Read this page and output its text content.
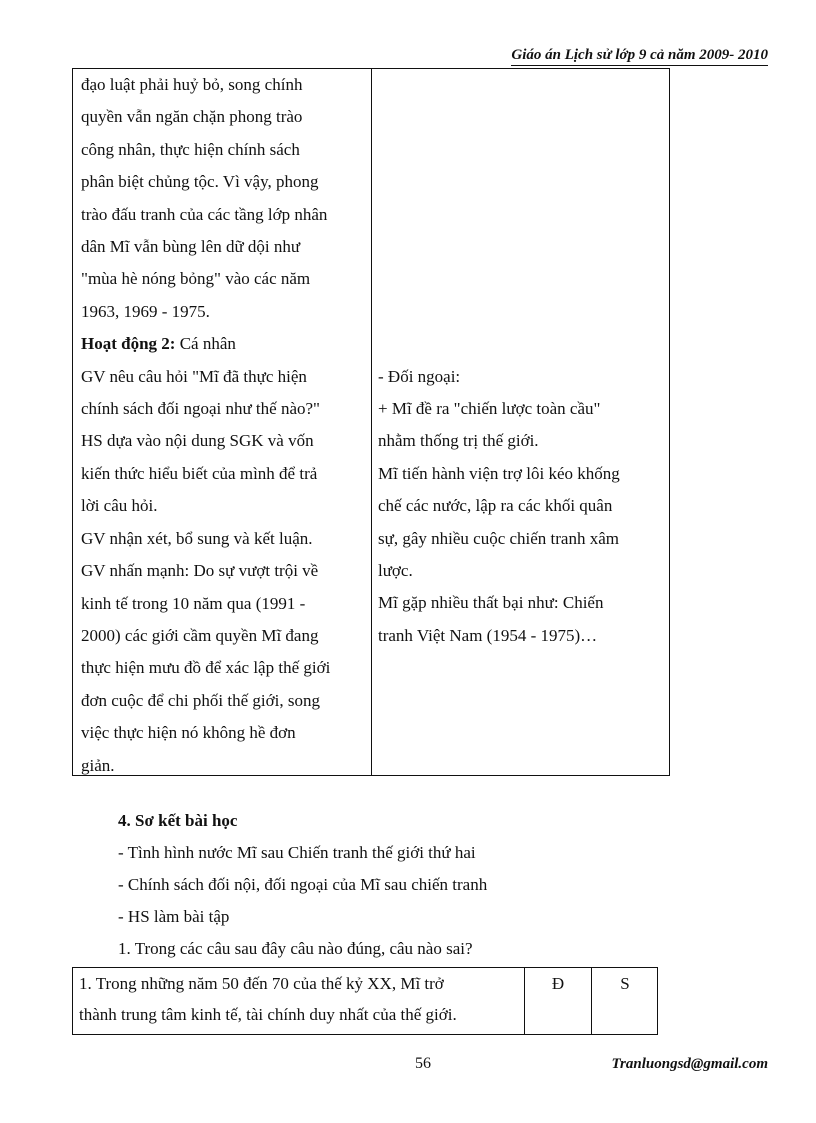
Giáo án Lịch sử lớp 9 cả năm 2009- 2010

đạo luật phải huỷ bỏ, song chính

quyền vẫn ngăn chặn phong trào

công nhân, thực hiện chính sách

phân biệt chủng tộc. Vì vậy, phong

trào đấu tranh của các tầng lớp nhân

dân Mĩ vẫn bùng lên dữ dội như

"mùa hè nóng bỏng" vào các năm

1963, 1969 - 1975.

Hoạt động 2: Cá nhân

GV nêu câu hỏi "Mĩ đã thực hiện

chính sách đối ngoại như thế nào?"

HS dựa vào nội dung SGK và vốn

kiến thức hiểu biết của mình để trả

lời câu hỏi.

GV nhận xét, bổ sung và kết luận.

GV nhấn mạnh: Do sự vượt trội về

kinh tế trong 10 năm qua (1991 -

2000) các giới cầm quyền Mĩ đang

thực hiện mưu đồ để xác lập thế giới

đơn cuộc để chi phối thế giới, song

việc thực hiện nó không hề đơn

giản.

- Đối ngoại:

+ Mĩ đề ra "chiến lược toàn cầu"

nhằm thống trị thế giới.

Mĩ tiến hành viện trợ lôi kéo khống

chế các nước, lập ra các khối quân

sự, gây nhiều cuộc chiến tranh xâm

lược.

Mĩ gặp nhiều thất bại như: Chiến

tranh Việt Nam (1954 - 1975)…

4. Sơ kết bài học

- Tình hình nước Mĩ sau Chiến tranh thế giới thứ hai

- Chính sách đối nội, đối ngoại của Mĩ sau chiến tranh

- HS làm bài tập

1. Trong các câu sau đây câu nào đúng, câu nào sai?

1. Trong những năm 50 đến 70 của thế kỷ XX, Mĩ trở

thành trung tâm kinh tế, tài chính duy nhất của thế giới.

Đ	S
56	Tranluongsd@gmail.com
